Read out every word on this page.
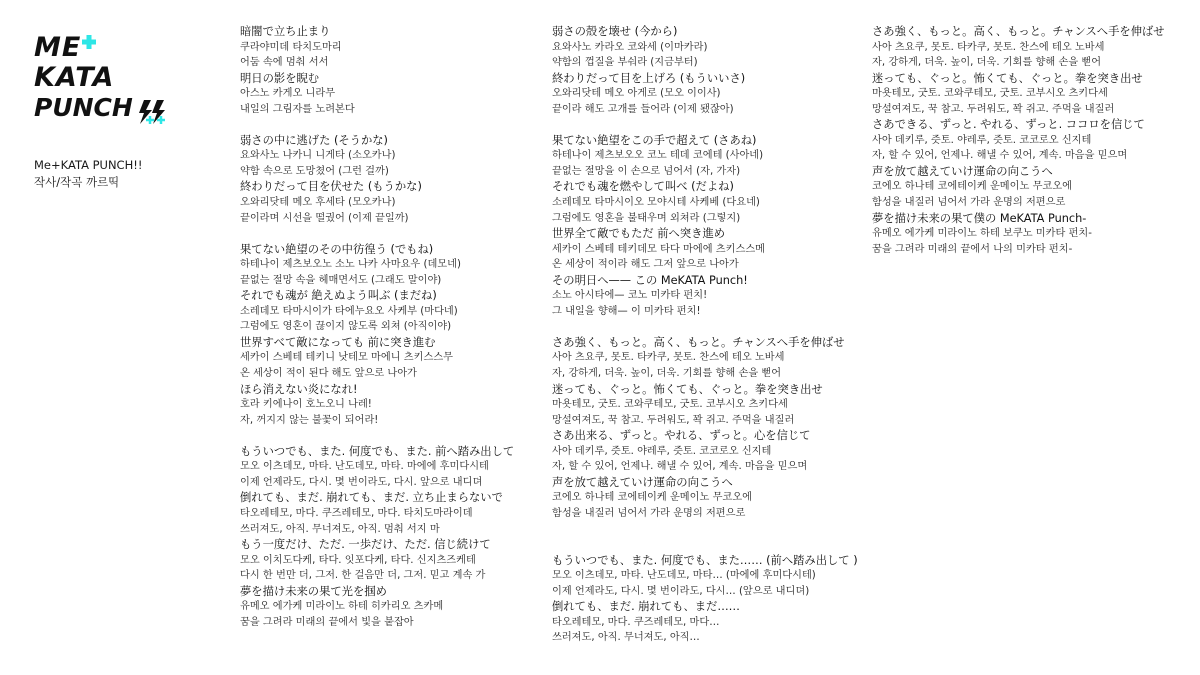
ME
KATA
PUNCH
Me+KATA PUNCH!!
작사/작곡 까르띡
暗闇で立ち止まり
쿠라야미데 타치도마리
어둠 속에 멈춰 서서
明日の影を睨む
아스노 카게오 니라무
내일의 그림자를 노려본다
弱さの中に逃げた (そうかな)
요와사노 나카니 니게타 (소오카나)
약함 속으로 도망쳤어 (그런 걸까)
終わりだって目を伏せた (もうかな)
오와리닷테 메오 후세타 (모오카나)
끝이라며 시선을 떨궜어 (이제 끝일까)
果てない絶望のその中彷徨う (でもね)
하테나이 제츠보오노 소노 나카 사마요우 (데모네)
끝없는 절망 속을 헤매면서도 (그래도 말이야)
それでも魂が 絶えぬよう叫ぶ (まだね)
소레데모 타마시이가 타에누요오 사케부 (마다네)
그럼에도 영혼이 끊이지 않도록 외쳐 (아직이야)
世界すべて敵になっても 前に突き進む
세카이 스베테 테키니 낫테모 마에니 츠키스스무
온 세상이 적이 된다 해도 앞으로 나아가
ほら消えない炎になれ!
호라 키에나이 호노오니 나레!
자, 꺼지지 않는 불꽃이 되어라!
もういつでも、また. 何度でも、また. 前へ踏み出して
모오 이츠데모, 마타. 난도데모, 마타. 마에에 후미다시테
이제 언제라도, 다시. 몇 번이라도, 다시. 앞으로 내디뎌
倒れても、まだ. 崩れても、まだ. 立ち止まらないで
타오레테모, 마다. 쿠즈레테모, 마다. 타치도마라이데
쓰러져도, 아직. 무너져도, 아직. 멈춰 서지 마
もう一度だけ、ただ. 一歩だけ、ただ. 信じ続けて
모오 이치도다케, 타다. 잇포다케, 타다. 신지츠즈케테
다시 한 번만 더, 그저. 한 걸음만 더, 그저. 믿고 계속 가
夢を描け未来の果て光を掴め
유메오 에가케 미라이노 하테 히카리오 츠카메
꿈을 그려라 미래의 끝에서 빛을 붙잡아
弱さの殻を壊せ (今から)
요와사노 카라오 코와세 (이마카라)
약함의 껍질을 부숴라 (지금부터)
終わりだって目を上げろ (もういいさ)
오와리닷테 메오 아게로 (모오 이이사)
끝이라 해도 고개를 들어라 (이제 됐잖아)
果てない絶望をこの手で超えて (さあね)
하테나이 제츠보오오 코노 테데 코에테 (사아네)
끝없는 절망을 이 손으로 넘어서 (자, 가자)
それでも魂を燃やして叫べ (だよね)
소레데모 타마시이오 모야시테 사케베 (다요네)
그럼에도 영혼을 불태우며 외쳐라 (그렇지)
世界全て敵でもただ 前へ突き進め
세카이 스베테 테키데모 타다 마에에 츠키스스메
온 세상이 적이라 해도 그저 앞으로 나아가
その明日へ—— この MeKATA Punch!
소노 아시타에— 코노 미카타 펀치!
그 내일을 향해— 이 미카타 펀치!
さあ強く、もっと。高く、もっと。チャンスへ手を伸ばせ
사아 츠요쿠, 못토. 타카쿠, 못토. 찬스에 테오 노바세
자, 강하게, 더욱. 높이, 더욱. 기회를 향해 손을 뻗어
迷っても、ぐっと。怖くても、ぐっと。拳を突き出せ
마욧테모, 굿토. 코와쿠테모, 굿토. 코부시오 츠키다세
망설여져도, 꾹 참고. 두려워도, 꽉 쥐고. 주먹을 내질러
さあ出来る、ずっと。やれる、ずっと。心を信じて
사아 데키루, 즛토. 야레루, 즛토. 코코로오 신지테
자, 할 수 있어, 언제나. 해낼 수 있어, 계속. 마음을 믿으며
声を放て越えていけ運命の向こうへ
코에오 하나테 코에테이케 운메이노 무코오에
함성을 내질러 넘어서 가라 운명의 저편으로
もういつでも、また. 何度でも、また…… (前へ踏み出して )
모오 이츠데모, 마타. 난도데모, 마타… (마에에 후미다시테)
이제 언제라도, 다시. 몇 번이라도, 다시… (앞으로 내디뎌)
倒れても、まだ. 崩れても、まだ……
타오레테모, 마다. 쿠즈레테모, 마다…
쓰러져도, 아직. 무너져도, 아직…
さあ強く、もっと。高く、もっと。チャンスへ手を伸ばせ
사아 츠요쿠, 못토. 타카쿠, 못토. 찬스에 테오 노바세
자, 강하게, 더욱. 높이, 더욱. 기회를 향해 손을 뻗어
迷っても、ぐっと。怖くても、ぐっと。拳を突き出せ
마욧테모, 굿토. 코와쿠테모, 굿토. 코부시오 츠키다세
망설여져도, 꾹 참고. 두려워도, 꽉 쥐고. 주먹을 내질러
さあできる、ずっと. やれる、ずっと. ココロを信じて
사아 데키루, 즛토. 야레루, 즛토. 코코로오 신지테
자, 할 수 있어, 언제나. 해낼 수 있어, 계속. 마음을 믿으며
声を放て越えていけ運命の向こうへ
코에오 하나테 코에테이케 운메이노 무코오에
함성을 내질러 넘어서 가라 운명의 저편으로
夢を描け未来の果て僕の MeKATA Punch-
유메오 에가케 미라이노 하테 보쿠노 미카타 펀치-
꿈을 그려라 미래의 끝에서 나의 미카타 펀치-
